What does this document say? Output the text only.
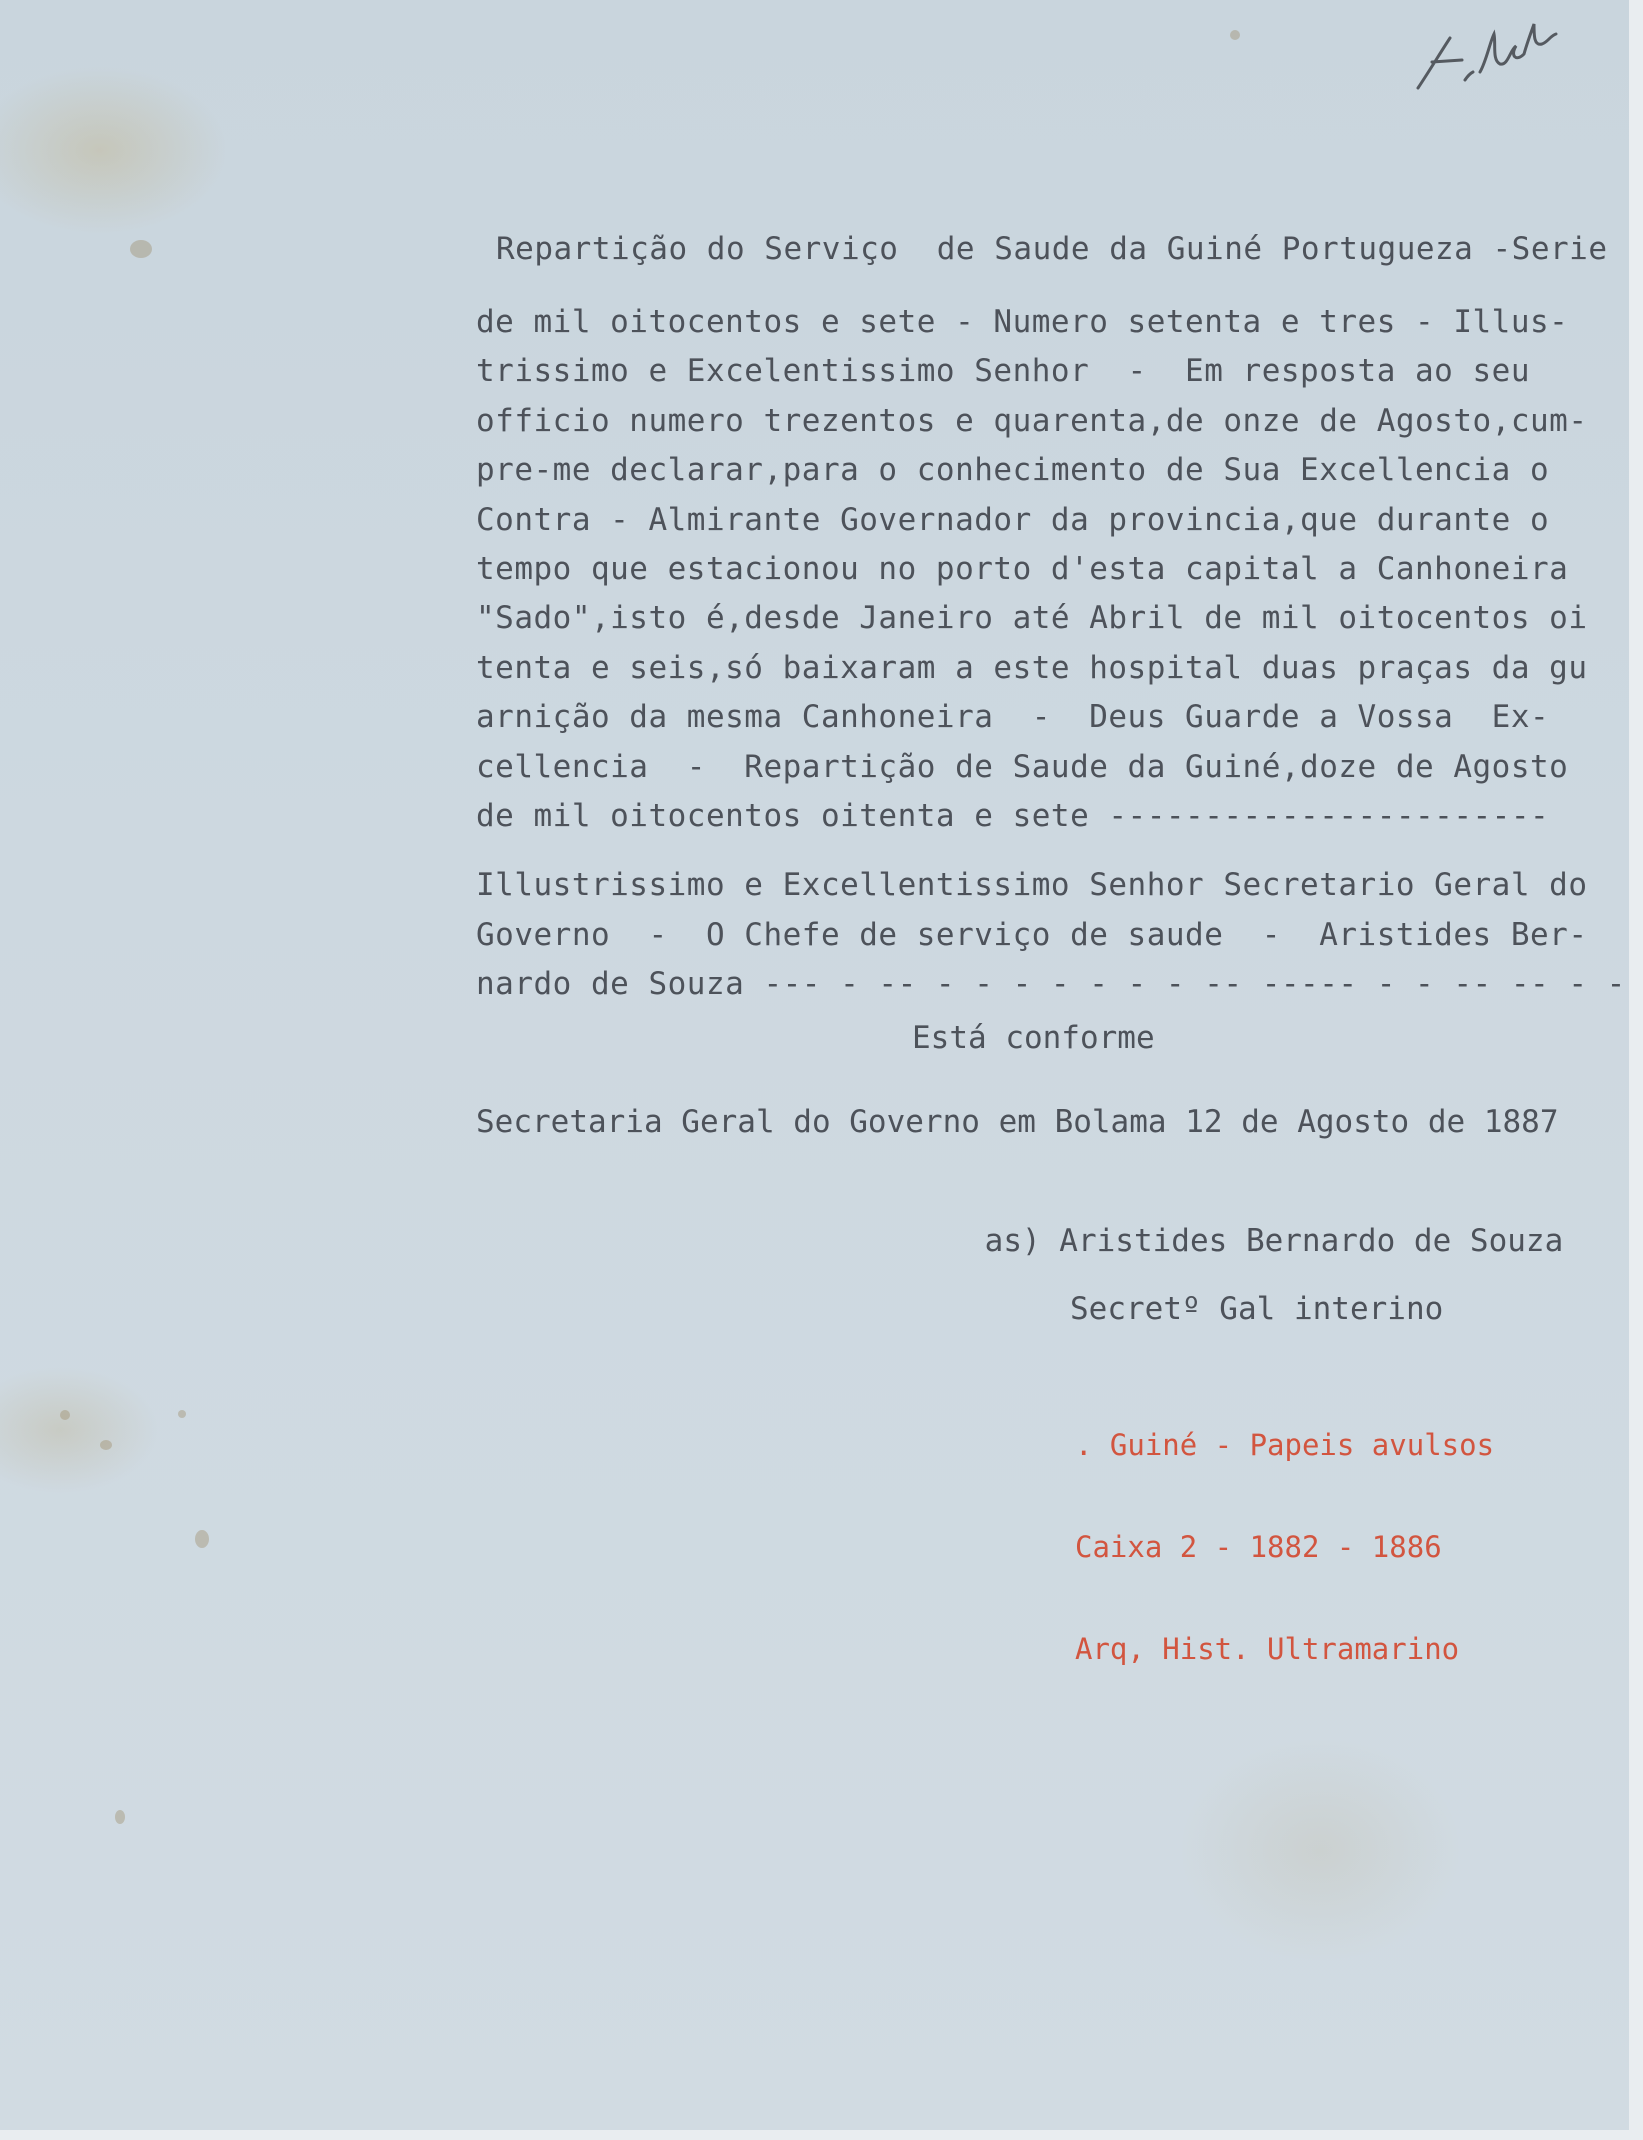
Repartição do Serviço  de Saude da Guiné Portugueza -Serie
de mil oitocentos e sete - Numero setenta e tres - Illus-
trissimo e Excelentissimo Senhor  -  Em resposta ao seu
officio numero trezentos e quarenta,de onze de Agosto,cum-
pre-me declarar,para o conhecimento de Sua Excellencia o
Contra - Almirante Governador da provincia,que durante o
tempo que estacionou no porto d'esta capital a Canhoneira
"Sado",isto é,desde Janeiro até Abril de mil oitocentos oi
tenta e seis,só baixaram a este hospital duas praças da gu
arnição da mesma Canhoneira  -  Deus Guarde a Vossa  Ex-
cellencia  -  Repartição de Saude da Guiné,doze de Agosto
de mil oitocentos oitenta e sete -----------------------
Illustrissimo e Excellentissimo Senhor Secretario Geral do
Governo  -  O Chefe de serviço de saude  -  Aristides Ber-
nardo de Souza --- - -- - - - - - - - -- ----- - - -- -- - -
Está conforme
Secretaria Geral do Governo em Bolama 12 de Agosto de 1887

as) Aristides Bernardo de Souza

Secretº Gal interino

. Guiné - Papeis avulsos

Caixa 2 - 1882 - 1886

Arq, Hist. Ultramarino
